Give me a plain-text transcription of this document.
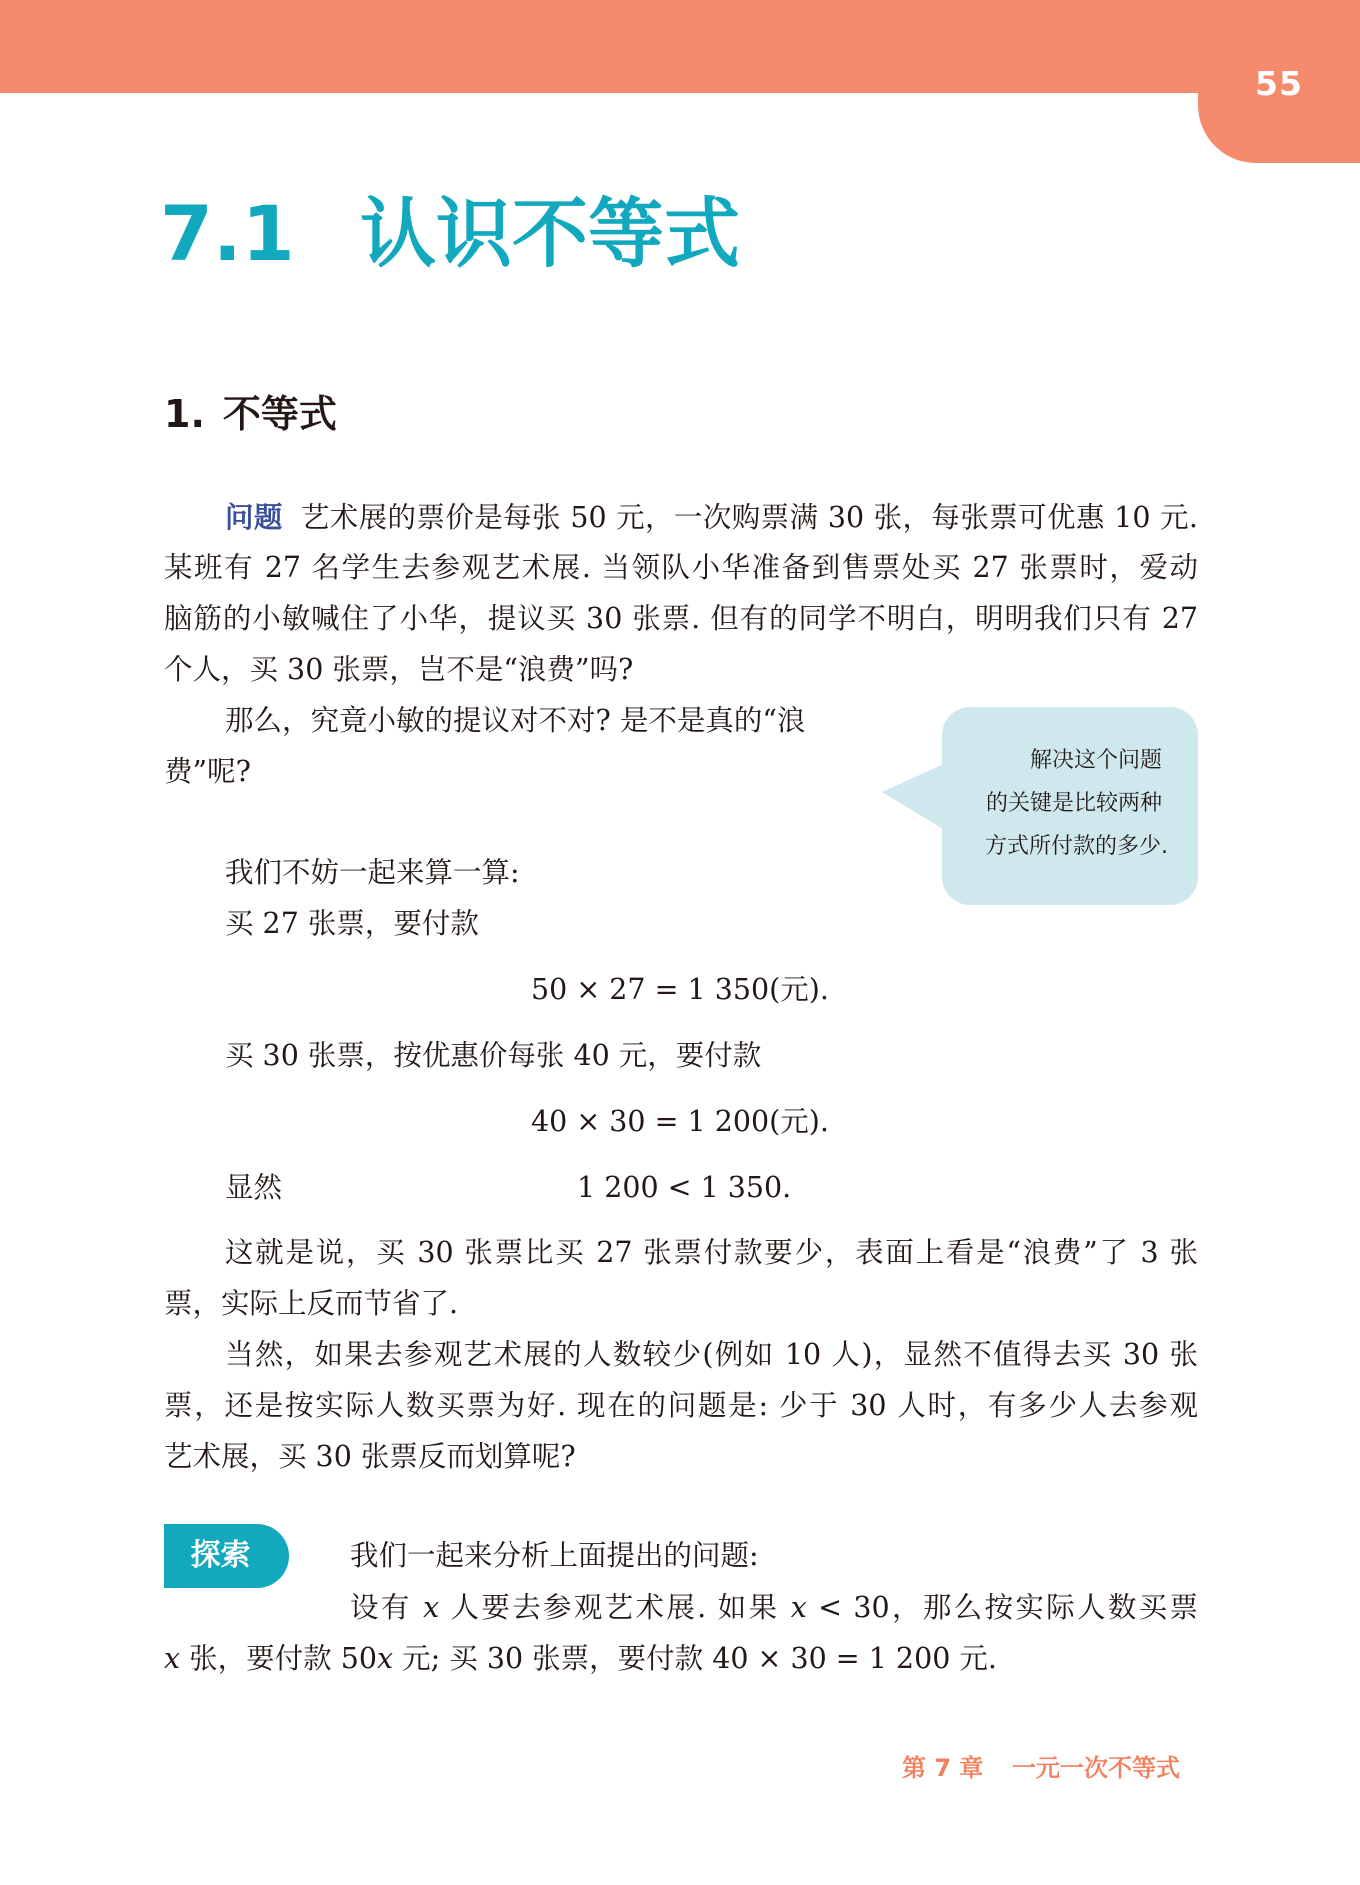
55
7.1 认识不等式
1. 不等式
问题 艺术展的票价是每张 50 元，一次购票满 30 张，每张票可优惠 10 元.
某班有 27 名学生去参观艺术展. 当领队小华准备到售票处买 27 张票时，爱动
脑筋的小敏喊住了小华，提议买 30 张票. 但有的同学不明白，明明我们只有 27
个人，买 30 张票，岂不是“浪费”吗?
那么，究竟小敏的提议对不对? 是不是真的“浪
费”呢?	解决这个问题
的关键是比较两种
方式所付款的多少.
我们不妨一起来算一算:
买 27 张票，要付款
50 × 27 = 1 350(元).
买 30 张票，按优惠价每张 40 元，要付款
40 × 30 = 1 200(元).
显然	1 200 < 1 350.
这就是说，买 30 张票比买 27 张票付款要少，表面上看是“浪费”了 3 张
票，实际上反而节省了.
当然，如果去参观艺术展的人数较少(例如 10 人)，显然不值得去买 30 张
票，还是按实际人数买票为好. 现在的问题是: 少于 30 人时，有多少人去参观
艺术展，买 30 张票反而划算呢?
探索	我们一起来分析上面提出的问题:
设有 x 人要去参观艺术展. 如果 x < 30，那么按实际人数买票
x 张，要付款 50x 元; 买 30 张票，要付款 40 × 30 = 1 200 元.
第 7 章 一元一次不等式
